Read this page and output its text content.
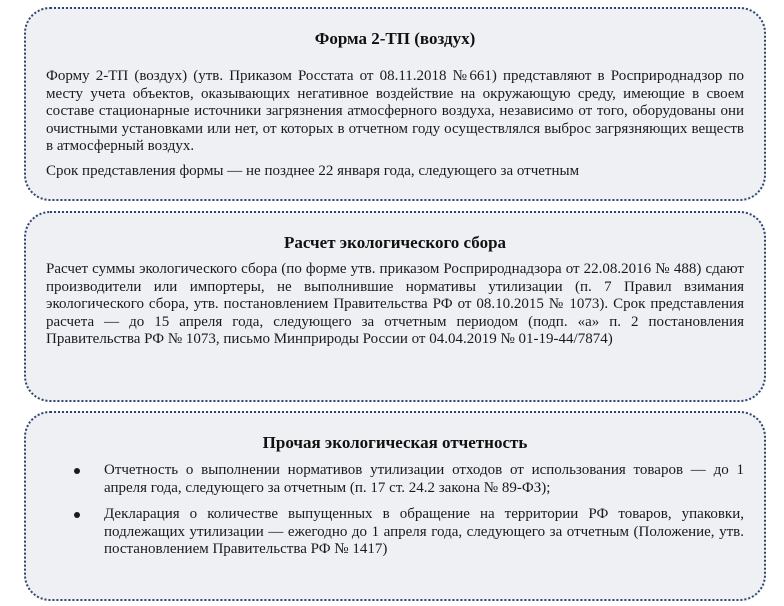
Форма 2-ТП (воздух)

Форму 2-ТП (воздух) (утв. Приказом Росстата от 08.11.2018 №661) представляют в Росприроднадзор по месту учета объектов, оказывающих негативное воздействие на окружающую среду, имеющие в своем составе стационарные источники загрязнения атмосферного воздуха, независимо от того, оборудованы они очистными установками или нет, от которых в отчетном году осуществлялся выброс загрязняющих веществ в атмосферный воздух.

Срок представления формы — не позднее 22 января года, следующего за отчетным

Расчет экологического сбора

Расчет суммы экологического сбора (по форме утв. приказом Росприроднадзора от 22.08.2016 № 488) сдают производители или импортеры, не выполнившие нормативы утилизации (п. 7 Правил взимания экологического сбора, утв. постановлением Правительства РФ от 08.10.2015 № 1073). Срок представления расчета — до 15 апреля года, следующего за отчетным периодом (подп. «а» п. 2 постановления Правительства РФ № 1073, письмо Минприроды России от 04.04.2019 № 01-19-44/7874)

Прочая экологическая отчетность
Отчетность о выполнении нормативов утилизации отходов от использования товаров — до 1 апреля года, следующего за отчетным (п. 17 ст. 24.2 закона № 89-ФЗ);
Декларация о количестве выпущенных в обращение на территории РФ товаров, упаковки, подлежащих утилизации — ежегодно до 1 апреля года, следующего за отчетным (Положение, утв. постановлением Правительства РФ № 1417)
